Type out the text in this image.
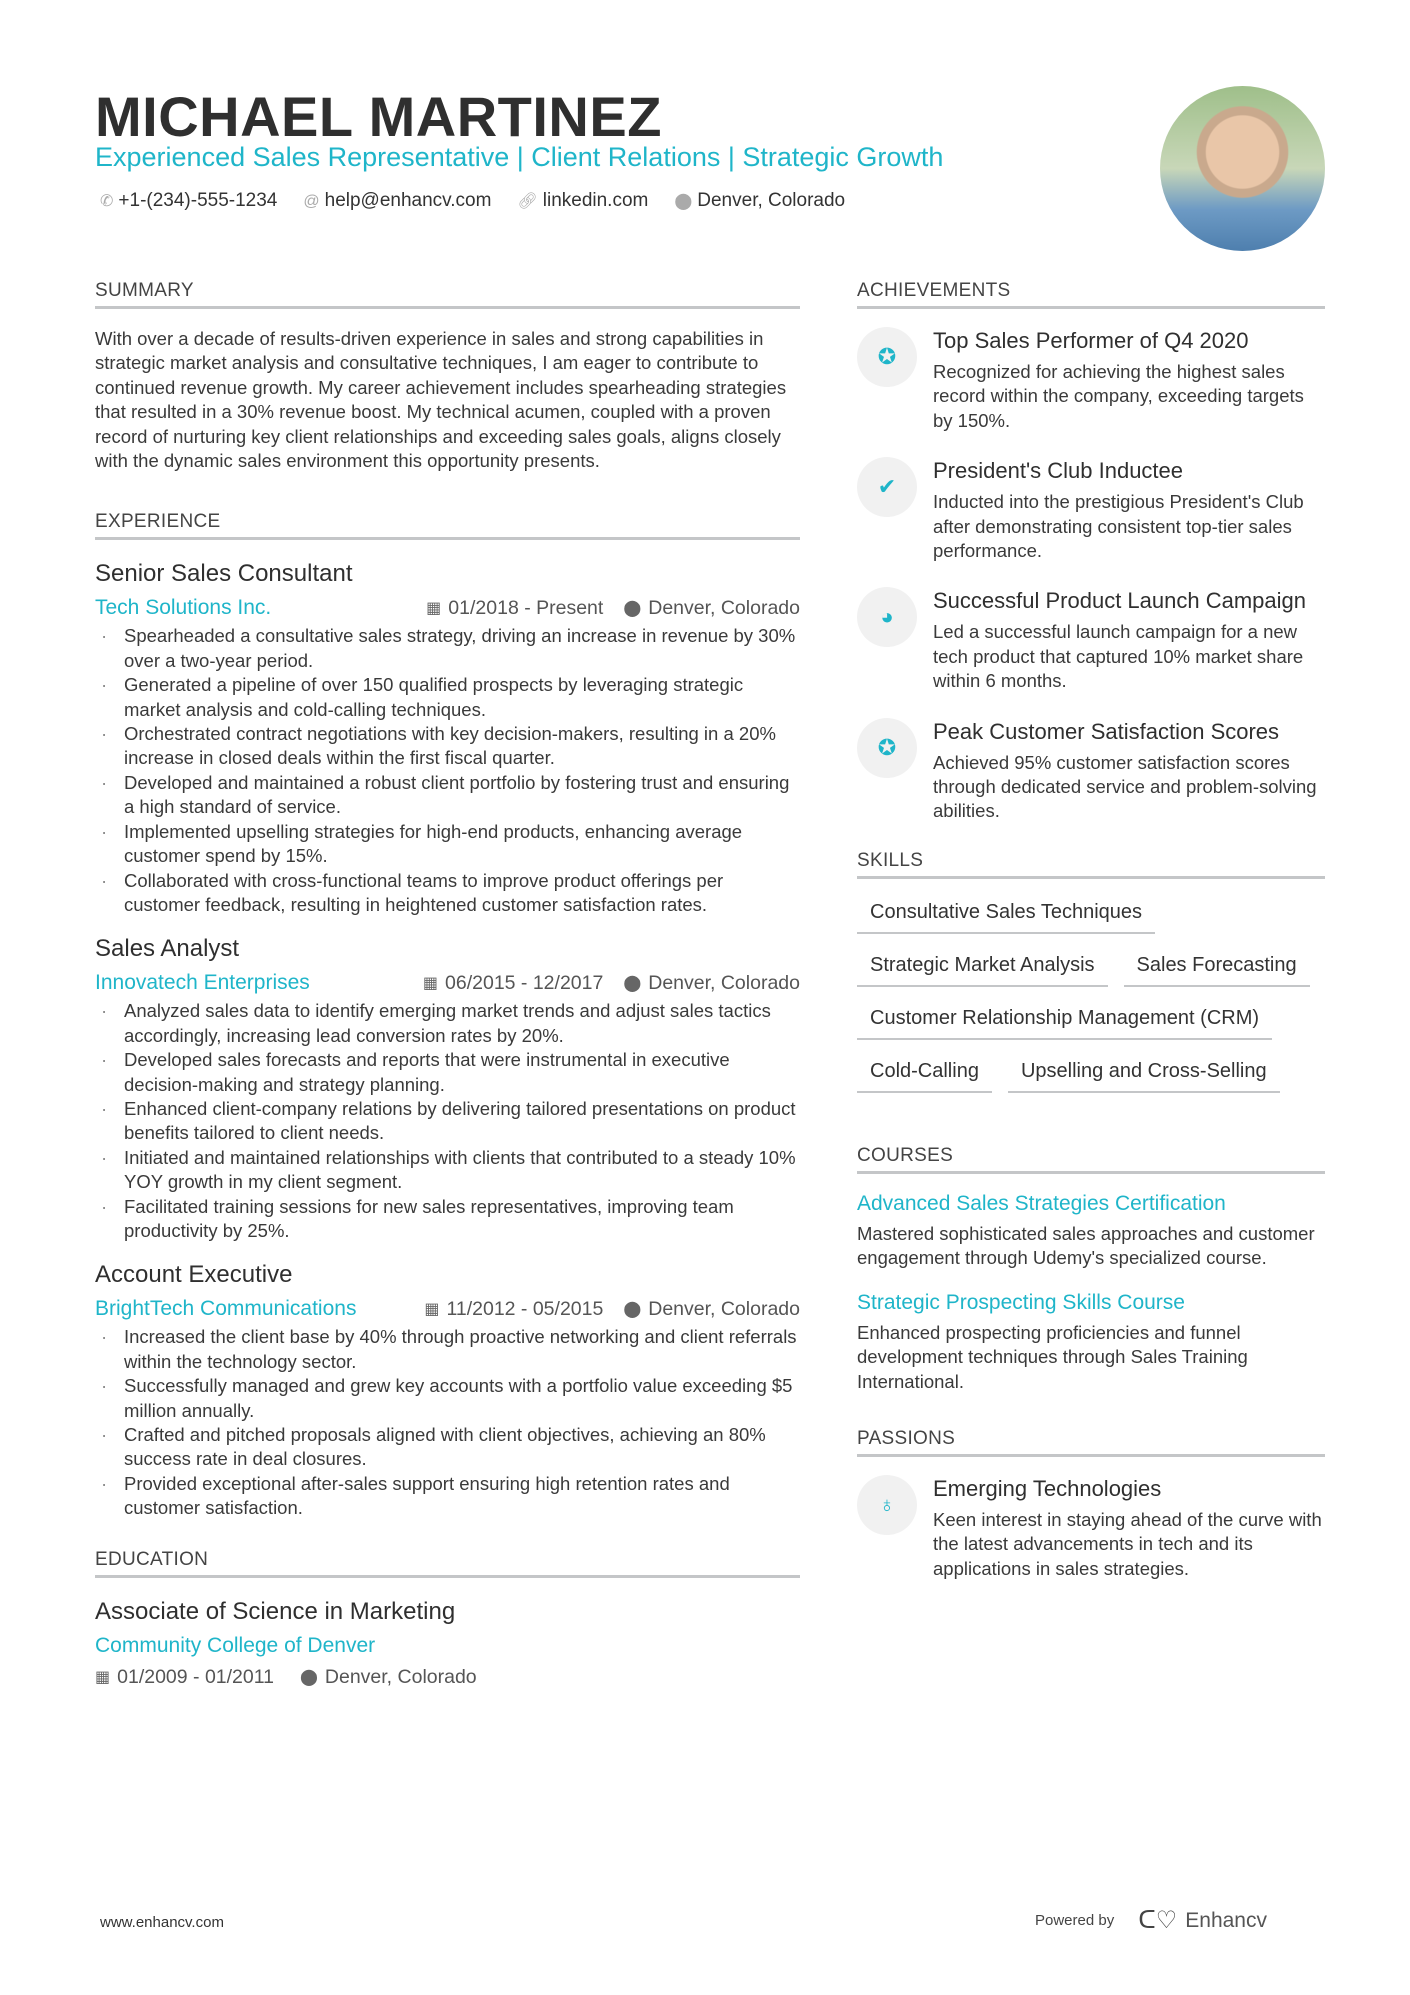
MICHAEL MARTINEZ
Experienced Sales Representative | Client Relations | Strategic Growth
✆ +1-(234)-555-1234 @ help@enhancv.com 🔗︎ linkedin.com ⬤ Denver, Colorado
SUMMARY
With over a decade of results-driven experience in sales and strong capabilities in strategic market analysis and consultative techniques, I am eager to contribute to continued revenue growth. My career achievement includes spearheading strategies that resulted in a 30% revenue boost. My technical acumen, coupled with a proven record of nurturing key client relationships and exceeding sales goals, aligns closely with the dynamic sales environment this opportunity presents.
EXPERIENCE
Senior Sales Consultant
Tech Solutions Inc.	▦ 01/2018 - Present ⬤ Denver, Colorado
· Spearheaded a consultative sales strategy, driving an increase in revenue by 30% over a two-year period.
· Generated a pipeline of over 150 qualified prospects by leveraging strategic market analysis and cold-calling techniques.
· Orchestrated contract negotiations with key decision-makers, resulting in a 20% increase in closed deals within the first fiscal quarter.
· Developed and maintained a robust client portfolio by fostering trust and ensuring a high standard of service.
· Implemented upselling strategies for high-end products, enhancing average customer spend by 15%.
· Collaborated with cross-functional teams to improve product offerings per customer feedback, resulting in heightened customer satisfaction rates.
Sales Analyst
Innovatech Enterprises	▦ 06/2015 - 12/2017 ⬤ Denver, Colorado
· Analyzed sales data to identify emerging market trends and adjust sales tactics accordingly, increasing lead conversion rates by 20%.
· Developed sales forecasts and reports that were instrumental in executive decision-making and strategy planning.
· Enhanced client-company relations by delivering tailored presentations on product benefits tailored to client needs.
· Initiated and maintained relationships with clients that contributed to a steady 10% YOY growth in my client segment.
· Facilitated training sessions for new sales representatives, improving team productivity by 25%.
Account Executive
BrightTech Communications	▦ 11/2012 - 05/2015 ⬤ Denver, Colorado
· Increased the client base by 40% through proactive networking and client referrals within the technology sector.
· Successfully managed and grew key accounts with a portfolio value exceeding $5 million annually.
· Crafted and pitched proposals aligned with client objectives, achieving an 80% success rate in deal closures.
· Provided exceptional after-sales support ensuring high retention rates and customer satisfaction.
EDUCATION
Associate of Science in Marketing
Community College of Denver
▦ 01/2009 - 01/2011 ⬤ Denver, Colorado
ACHIEVEMENTS
✪
Top Sales Performer of Q4 2020
Recognized for achieving the highest sales record within the company, exceeding targets by 150%.
✔
President's Club Inductee
Inducted into the prestigious President's Club after demonstrating consistent top-tier sales performance.
◕
Successful Product Launch Campaign
Led a successful launch campaign for a new tech product that captured 10% market share within 6 months.
✪
Peak Customer Satisfaction Scores
Achieved 95% customer satisfaction scores through dedicated service and problem-solving abilities.
SKILLS
Consultative Sales Techniques
Strategic Market Analysis	Sales Forecasting
Customer Relationship Management (CRM)
Cold-Calling	Upselling and Cross-Selling
COURSES
Advanced Sales Strategies Certification
Mastered sophisticated sales approaches and customer engagement through Udemy's specialized course.
Strategic Prospecting Skills Course
Enhanced prospecting proficiencies and funnel development techniques through Sales Training International.
PASSIONS
♁
Emerging Technologies
Keen interest in staying ahead of the curve with the latest advancements in tech and its applications in sales strategies.
www.enhancv.com	Powered by ᑕ♡ Enhancv
